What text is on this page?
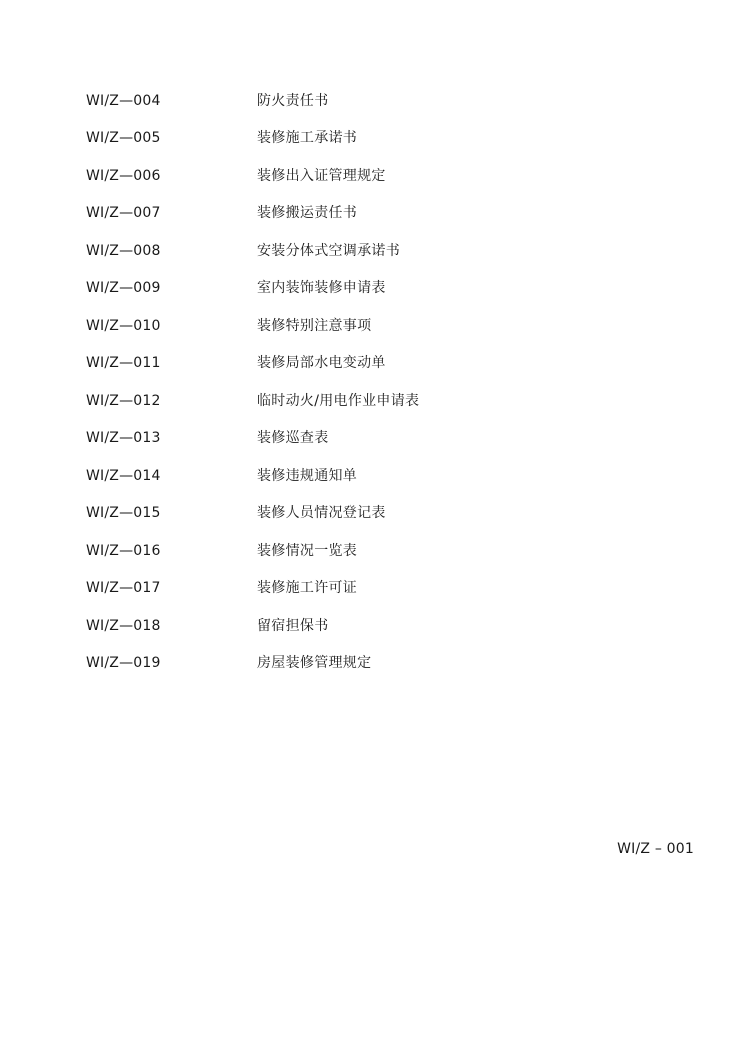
WI/Z—004	防火责任书
WI/Z—005	装修施工承诺书
WI/Z—006	装修出入证管理规定
WI/Z—007	装修搬运责任书
WI/Z—008	安装分体式空调承诺书
WI/Z—009	室内装饰装修申请表
WI/Z—010	装修特别注意事项
WI/Z—011	装修局部水电变动单
WI/Z—012	临时动火/用电作业申请表
WI/Z—013	装修巡查表
WI/Z—014	装修违规通知单
WI/Z—015	装修人员情况登记表
WI/Z—016	装修情况一览表
WI/Z—017	装修施工许可证
WI/Z—018	留宿担保书
WI/Z—019	房屋装修管理规定
WI/Z – 001
